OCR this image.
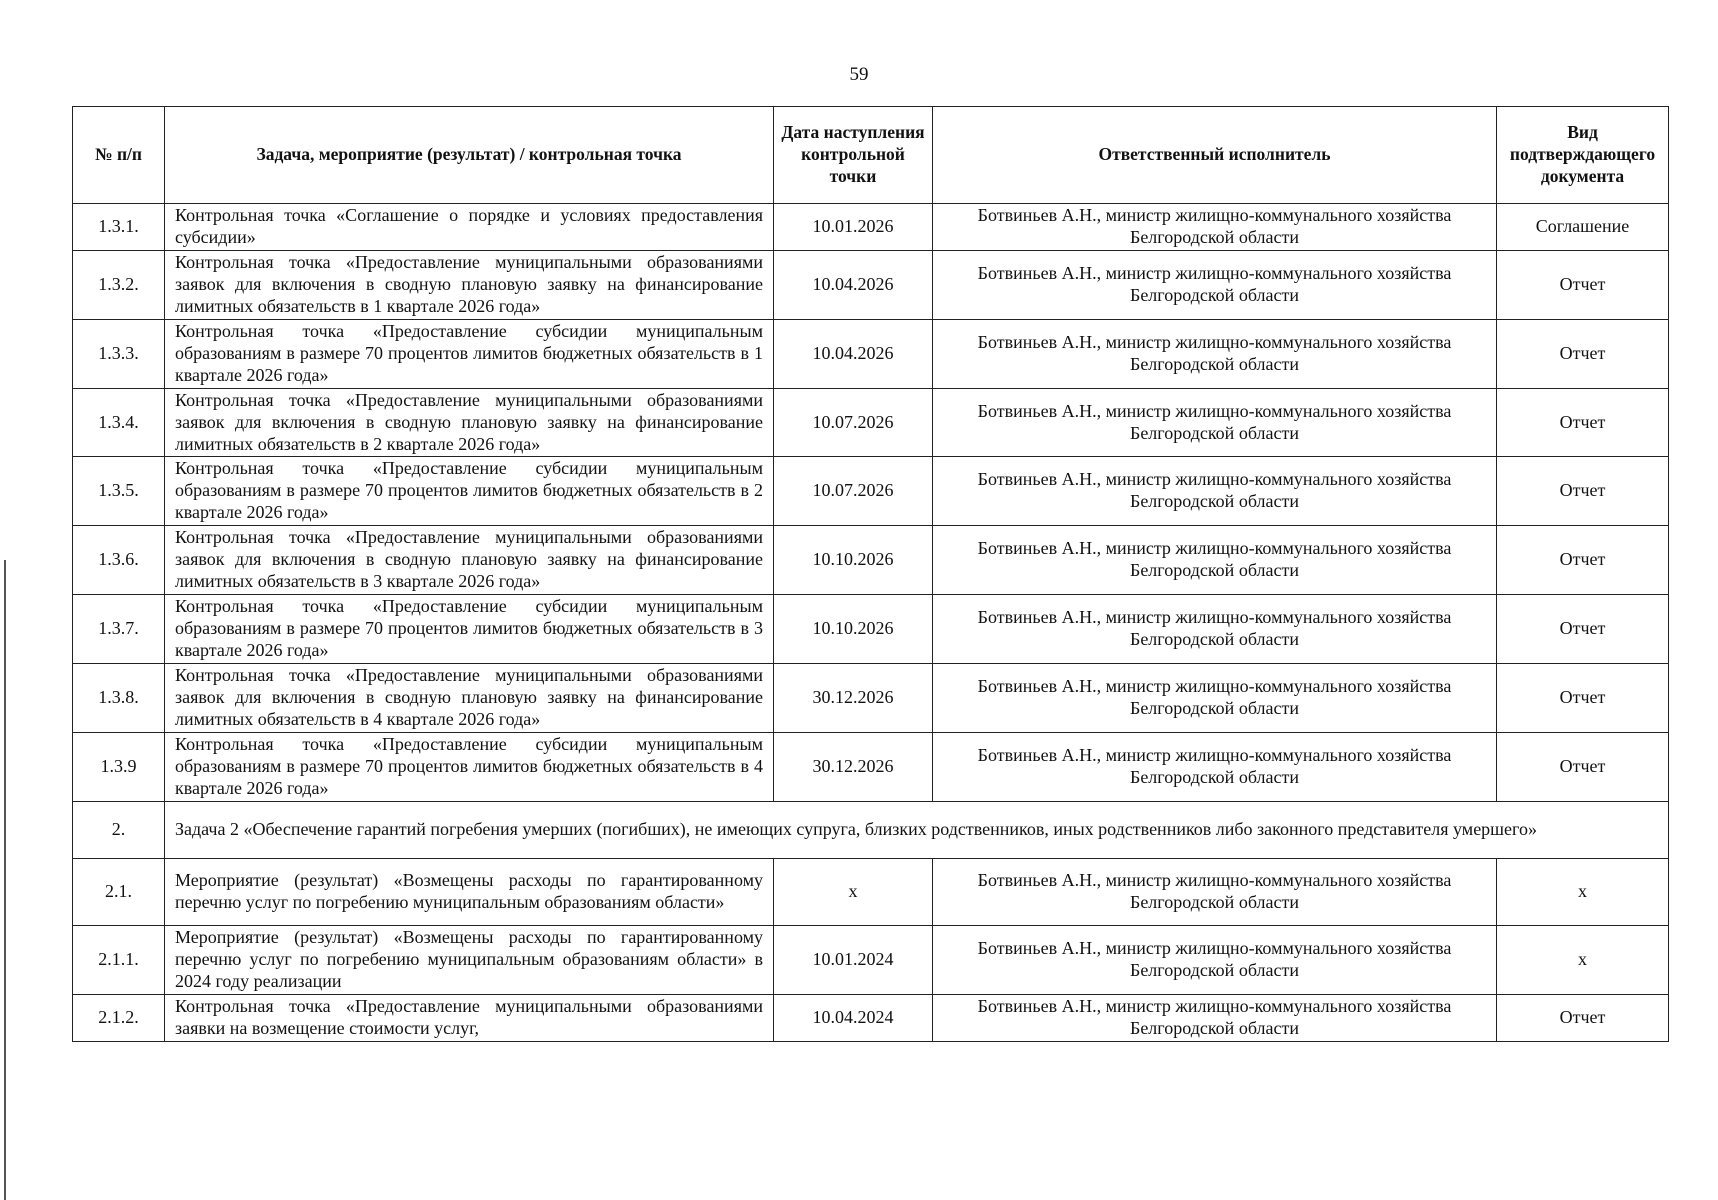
59
№ п/п	Задача, мероприятие (результат) / контрольная точка	Дата наступления контрольной точки	Ответственный исполнитель	Вид подтверждающего документа
1.3.1.	Контрольная точка «Соглашение о порядке и условиях предоставления субсидии»	10.01.2026	Ботвиньев А.Н., министр жилищно-коммунального хозяйства Белгородской области	Соглашение
1.3.2.	Контрольная точка «Предоставление муниципальными образованиями заявок для включения в сводную плановую заявку на финансирование лимитных обязательств в 1 квартале 2026 года»	10.04.2026	Ботвиньев А.Н., министр жилищно-коммунального хозяйства Белгородской области	Отчет
1.3.3.	Контрольная точка «Предоставление субсидии муниципальным образованиям в размере 70 процентов лимитов бюджетных обязательств в 1 квартале 2026 года»	10.04.2026	Ботвиньев А.Н., министр жилищно-коммунального хозяйства Белгородской области	Отчет
1.3.4.	Контрольная точка «Предоставление муниципальными образованиями заявок для включения в сводную плановую заявку на финансирование лимитных обязательств в 2 квартале 2026 года»	10.07.2026	Ботвиньев А.Н., министр жилищно-коммунального хозяйства Белгородской области	Отчет
1.3.5.	Контрольная точка «Предоставление субсидии муниципальным образованиям в размере 70 процентов лимитов бюджетных обязательств в 2 квартале 2026 года»	10.07.2026	Ботвиньев А.Н., министр жилищно-коммунального хозяйства Белгородской области	Отчет
1.3.6.	Контрольная точка «Предоставление муниципальными образованиями заявок для включения в сводную плановую заявку на финансирование лимитных обязательств в 3 квартале 2026 года»	10.10.2026	Ботвиньев А.Н., министр жилищно-коммунального хозяйства Белгородской области	Отчет
1.3.7.	Контрольная точка «Предоставление субсидии муниципальным образованиям в размере 70 процентов лимитов бюджетных обязательств в 3 квартале 2026 года»	10.10.2026	Ботвиньев А.Н., министр жилищно-коммунального хозяйства Белгородской области	Отчет
1.3.8.	Контрольная точка «Предоставление муниципальными образованиями заявок для включения в сводную плановую заявку на финансирование лимитных обязательств в 4 квартале 2026 года»	30.12.2026	Ботвиньев А.Н., министр жилищно-коммунального хозяйства Белгородской области	Отчет
1.3.9	Контрольная точка «Предоставление субсидии муниципальным образованиям в размере 70 процентов лимитов бюджетных обязательств в 4 квартале 2026 года»	30.12.2026	Ботвиньев А.Н., министр жилищно-коммунального хозяйства Белгородской области	Отчет
2.	Задача 2 «Обеспечение гарантий погребения умерших (погибших), не имеющих супруга, близких родственников, иных родственников либо законного представителя умершего»			
2.1.	Мероприятие (результат) «Возмещены расходы по гарантированному перечню услуг по погребению муниципальным образованиям области»	х	Ботвиньев А.Н., министр жилищно-коммунального хозяйства Белгородской области	х
2.1.1.	Мероприятие (результат) «Возмещены расходы по гарантированному перечню услуг по погребению муниципальным образованиям области» в 2024 году реализации	10.01.2024	Ботвиньев А.Н., министр жилищно-коммунального хозяйства Белгородской области	х
2.1.2.	Контрольная точка «Предоставление муниципальными образованиями заявки на возмещение стоимости услуг,	10.04.2024	Ботвиньев А.Н., министр жилищно-коммунального хозяйства Белгородской области	Отчет
